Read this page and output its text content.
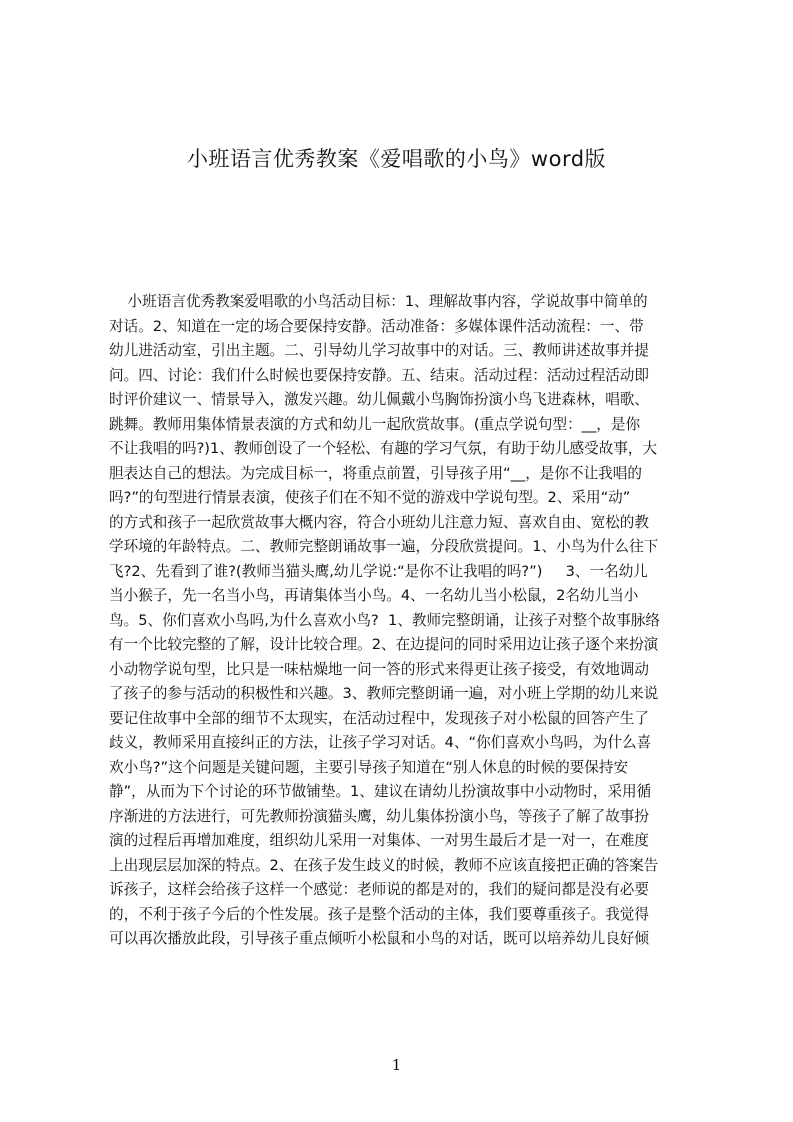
小班语言优秀教案《爱唱歌的小鸟》word版
小班语言优秀教案爱唱歌的小鸟活动目标：1、理解故事内容，学说故事中简单的
对话。2、知道在一定的场合要保持安静。活动准备：多媒体课件活动流程：一、带
幼儿进活动室，引出主题。二、引导幼儿学习故事中的对话。三、教师讲述故事并提
问。四、讨论：我们什么时候也要保持安静。五、结束。活动过程：活动过程活动即
时评价建议一、情景导入，激发兴趣。幼儿佩戴小鸟胸饰扮演小鸟飞进森林，唱歌、
跳舞。教师用集体情景表演的方式和幼儿一起欣赏故事。(重点学说句型：__，是你
不让我唱的吗?)1、教师创设了一个轻松、有趣的学习气氛，有助于幼儿感受故事，大
胆表达自己的想法。为完成目标一，将重点前置，引导孩子用“__，是你不让我唱的
吗?”的句型进行情景表演，使孩子们在不知不觉的游戏中学说句型。2、采用“动”
的方式和孩子一起欣赏故事大概内容，符合小班幼儿注意力短、喜欢自由、宽松的教
学环境的年龄特点。二、教师完整朗诵故事一遍，分段欣赏提问。1、小鸟为什么往下
飞?2、先看到了谁?(教师当猫头鹰,幼儿学说:“是你不让我唱的吗?”)     3、一名幼儿
当小猴子，先一名当小鸟，再请集体当小鸟。4、一名幼儿当小松鼠，2名幼儿当小
鸟。5、你们喜欢小鸟吗,为什么喜欢小鸟?  1、教师完整朗诵，让孩子对整个故事脉络
有一个比较完整的了解，设计比较合理。2、在边提问的同时采用边让孩子逐个来扮演
小动物学说句型，比只是一味枯燥地一问一答的形式来得更让孩子接受，有效地调动
了孩子的参与活动的积极性和兴趣。3、教师完整朗诵一遍，对小班上学期的幼儿来说
要记住故事中全部的细节不太现实，在活动过程中，发现孩子对小松鼠的回答产生了
歧义，教师采用直接纠正的方法，让孩子学习对话。4、“你们喜欢小鸟吗，为什么喜
欢小鸟?”这个问题是关键问题，主要引导孩子知道在“别人休息的时候的要保持安
静”，从而为下个讨论的环节做铺垫。1、建议在请幼儿扮演故事中小动物时，采用循
序渐进的方法进行，可先教师扮演猫头鹰，幼儿集体扮演小鸟，等孩子了解了故事扮
演的过程后再增加难度，组织幼儿采用一对集体、一对男生最后才是一对一，在难度
上出现层层加深的特点。2、在孩子发生歧义的时候，教师不应该直接把正确的答案告
诉孩子，这样会给孩子这样一个感觉：老师说的都是对的，我们的疑问都是没有必要
的，不利于孩子今后的个性发展。孩子是整个活动的主体，我们要尊重孩子。我觉得
可以再次播放此段，引导孩子重点倾听小松鼠和小鸟的对话，既可以培养幼儿良好倾
1
